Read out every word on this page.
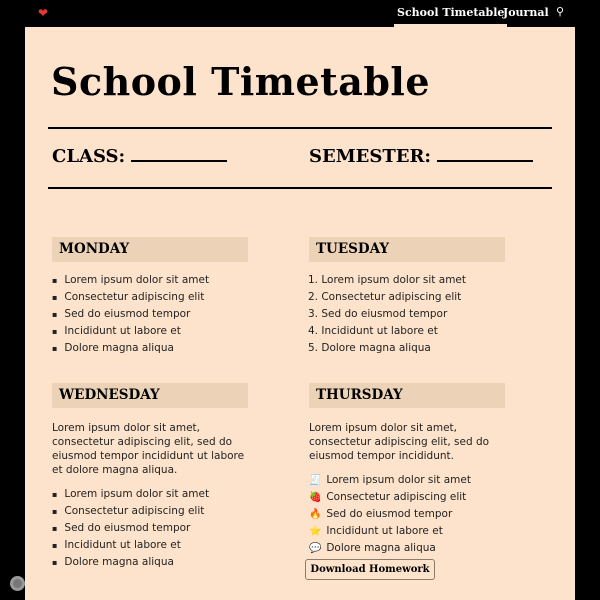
❤	School Timetable
Journal ⚲
School Timetable
CLASS:	SEMESTER:
MONDAY
▪ Lorem ipsum dolor sit amet
▪ Consectetur adipiscing elit
▪ Sed do eiusmod tempor
▪ Incididunt ut labore et
▪ Dolore magna aliqua
TUESDAY
1. Lorem ipsum dolor sit amet
2. Consectetur adipiscing elit
3. Sed do eiusmod tempor
4. Incididunt ut labore et
5. Dolore magna aliqua
WEDNESDAY
Lorem ipsum dolor sit amet, consectetur adipiscing elit, sed do eiusmod tempor incididunt ut labore et dolore magna aliqua.
▪ Lorem ipsum dolor sit amet
▪ Consectetur adipiscing elit
▪ Sed do eiusmod tempor
▪ Incididunt ut labore et
▪ Dolore magna aliqua
THURSDAY
Lorem ipsum dolor sit amet, consectetur adipiscing elit, sed do eiusmod tempor incididunt.
🧾 Lorem ipsum dolor sit amet
🍓 Consectetur adipiscing elit
🔥 Sed do eiusmod tempor
⭐ Incididunt ut labore et
💬 Dolore magna aliqua
Download Homework
